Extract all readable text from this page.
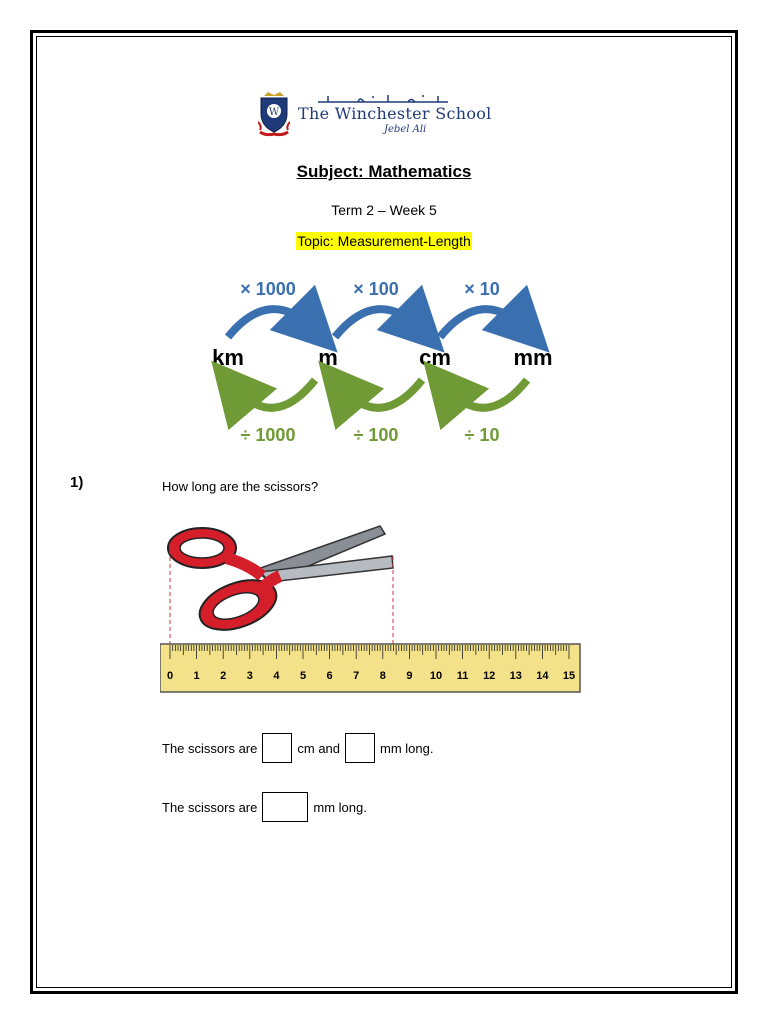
W The Winchester School
Jebel Ali
Subject: Mathematics
Term 2 – Week 5
Topic: Measurement-Length
× 1000	× 100	× 10
km	m	cm	mm
÷ 1000	÷ 100	÷ 10
1)	How long are the scissors?
0 1 2 3 4 5 6 7 8 9 10 11 12 13 14 15
The scissors are	cm and	mm long.
The scissors are	mm long.
